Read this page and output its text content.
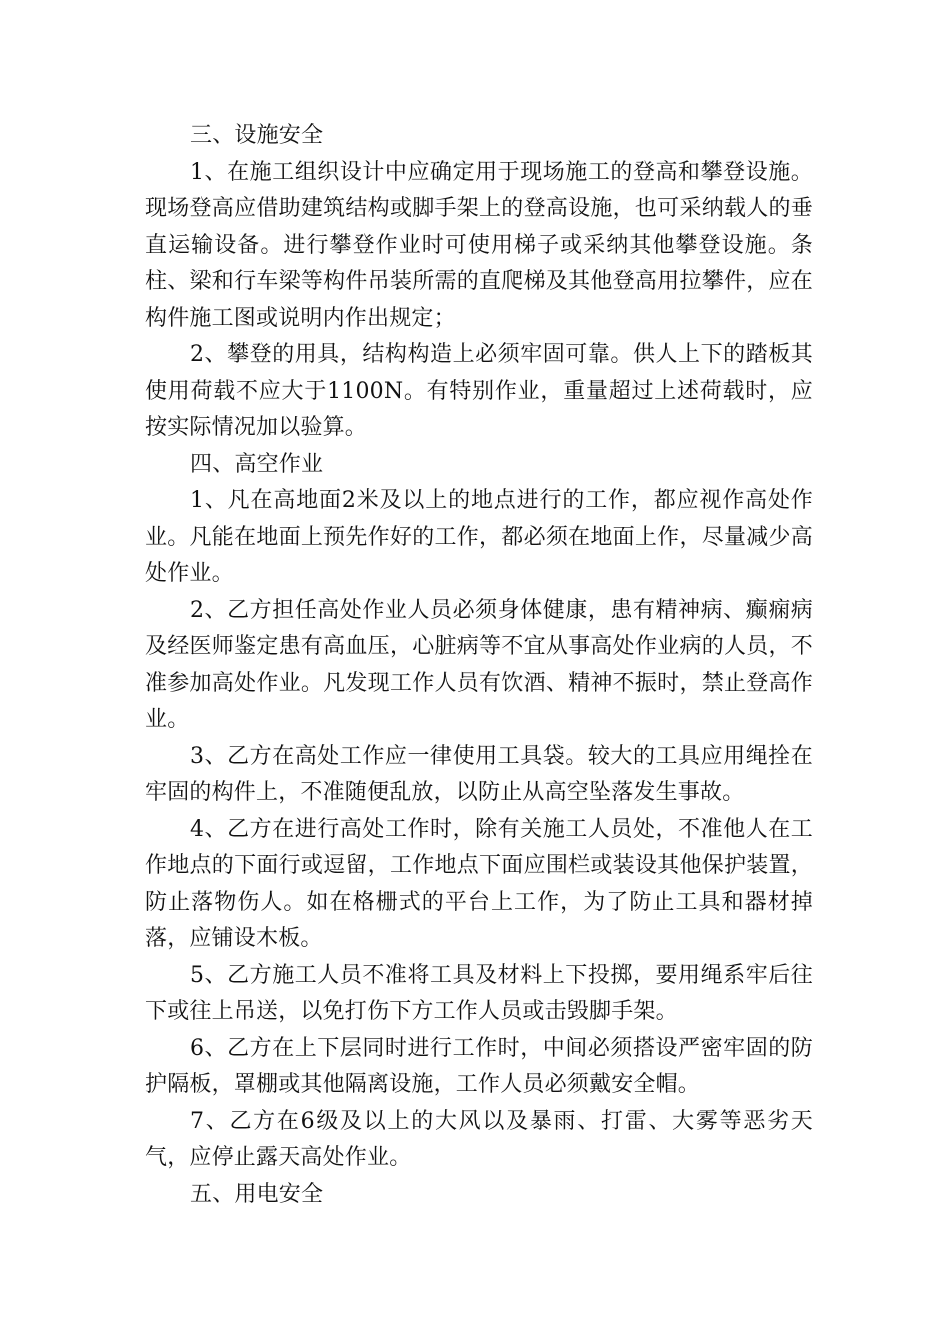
三、设施安全

1、在施工组织设计中应确定用于现场施工的登高和攀登设施。现场登高应借助建筑结构或脚手架上的登高设施，也可采纳载人的垂直运输设备。进行攀登作业时可使用梯子或采纳其他攀登设施。条柱、梁和行车梁等构件吊装所需的直爬梯及其他登高用拉攀件，应在构件施工图或说明内作出规定；

2、攀登的用具，结构构造上必须牢固可靠。供人上下的踏板其使用荷载不应大于1100N。有特别作业，重量超过上述荷载时，应按实际情况加以验算。

四、高空作业

1、凡在高地面2米及以上的地点进行的工作，都应视作高处作业。凡能在地面上预先作好的工作，都必须在地面上作，尽量减少高处作业。

2、乙方担任高处作业人员必须身体健康，患有精神病、癫痫病及经医师鉴定患有高血压，心脏病等不宜从事高处作业病的人员，不准参加高处作业。凡发现工作人员有饮酒、精神不振时，禁止登高作业。

3、乙方在高处工作应一律使用工具袋。较大的工具应用绳拴在牢固的构件上，不准随便乱放，以防止从高空坠落发生事故。

4、乙方在进行高处工作时，除有关施工人员处，不准他人在工作地点的下面行或逗留，工作地点下面应围栏或装设其他保护装置，防止落物伤人。如在格栅式的平台上工作，为了防止工具和器材掉落，应铺设木板。

5、乙方施工人员不准将工具及材料上下投掷，要用绳系牢后往下或往上吊送，以免打伤下方工作人员或击毁脚手架。

6、乙方在上下层同时进行工作时，中间必须搭设严密牢固的防护隔板，罩棚或其他隔离设施，工作人员必须戴安全帽。

7、乙方在6级及以上的大风以及暴雨、打雷、大雾等恶劣天气，应停止露天高处作业。

五、用电安全
